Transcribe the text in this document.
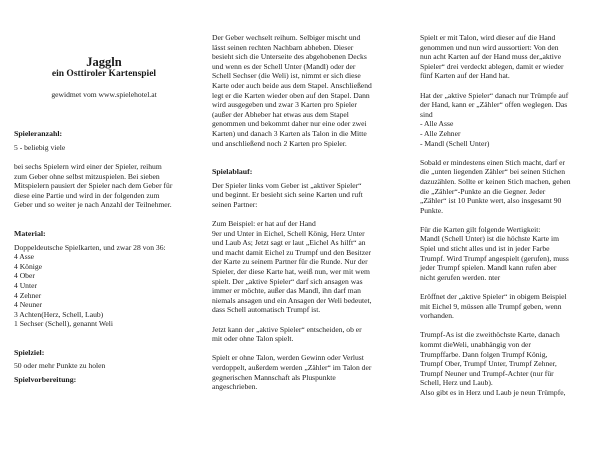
Jaggln

ein Osttiroler Kartenspiel

gewidmet vom www.spielehotel.at

Spieleranzahl:

5 - beliebig viele

bei sechs Spielern wird einer der Spieler, reihum

zum Geber ohne selbst mitzuspielen. Bei sieben

Mitspielern pausiert der Spieler nach dem Geber für

diese eine Partie und wird in der folgenden zum

Geber und so weiter je nach Anzahl der Teilnehmer.

Material:

Doppeldeutsche Spielkarten, und zwar 28 von 36:

4 Asse

4 Könige

4 Ober

4 Unter

4 Zehner

4 Neuner

3 Achten(Herz, Schell, Laub)

1 Sechser (Schell), genannt Weli

Spielziel:

50 oder mehr Punkte zu holen

Spielvorbereitung:

Der Geber wechselt reihum. Selbiger mischt und

lässt seinen rechten Nachbarn abheben. Dieser

besieht sich die Unterseite des abgehobenen Decks

und wenn es der Schell Unter (Mandl) oder der

Schell Sechser (die Weli) ist, nimmt er sich diese

Karte oder auch beide aus dem Stapel. Anschließend

legt er die Karten wieder oben auf den Stapel. Dann

wird ausgegeben und zwar 3 Karten pro Spieler

(außer der Abheber hat etwas aus dem Stapel

genommen und bekommt daher nur eine oder zwei

Karten) und danach 3 Karten als Talon in die Mitte

und anschließend noch 2 Karten pro Spieler.

Spielablauf:

Der Spieler links vom Geber ist „aktiver Spieler“

und beginnt. Er besieht sich seine Karten und ruft

seinen Partner:

Zum Beispiel: er hat auf der Hand

9er und Unter in Eichel, Schell König, Herz Unter

und Laub As; Jetzt sagt er laut „Eichel As hilft“ an

und macht damit Eichel zu Trumpf und den Besitzer

der Karte zu seinem Partner für die Runde. Nur der

Spieler, der diese Karte hat, weiß nun, wer mit wem

spielt. Der „aktive Spieler“ darf sich ansagen was

immer er möchte, außer das Mandl, ihn darf man

niemals ansagen und ein Ansagen der Weli bedeutet,

dass Schell automatisch Trumpf ist.

Jetzt kann der „aktive Spieler“ entscheiden, ob er

mit oder ohne Talon spielt.

Spielt er ohne Talon, werden Gewinn oder Verlust

verdoppelt, außerdem werden „Zähler“ im Talon der

gegnerischen Mannschaft als Pluspunkte

angeschrieben.

Spielt er mit Talon, wird dieser auf die Hand

genommen und nun wird aussortiert: Von den

nun acht Karten auf der Hand muss der„aktive

Spieler“ drei verdeckt ablegen, damit er wieder

fünf Karten auf der Hand hat.

Hat der „aktive Spieler“ danach nur Trümpfe auf

der Hand, kann er „Zähler“ offen weglegen. Das

sind

- Alle Asse

- Alle Zehner

- Mandl (Schell Unter)

Sobald er mindestens einen Stich macht, darf er

die „unten liegenden Zähler“ bei seinen Stichen

dazuzählen. Sollte er keinen Stich machen, gehen

die „Zähler“-Punkte an die Gegner. Jeder

„Zähler“ ist 10 Punkte wert, also insgesamt 90

Punkte.

Für die Karten gilt folgende Wertigkeit:

Mandl (Schell Unter) ist die höchste Karte im

Spiel und sticht alles und ist in jeder Farbe

Trumpf. Wird Trumpf angespielt (gerufen), muss

jeder Trumpf spielen. Mandl kann rufen aber

nicht gerufen werden. nter

Eröffnet der „aktive Spieler“ in obigem Beispiel

mit Eichel 9, müssen alle Trumpf geben, wenn

vorhanden.

Trumpf-As ist die zweithöchste Karte, danach

kommt dieWeli, unabhängig von der

Trumpffarbe. Dann folgen Trumpf König,

Trumpf Ober, Trumpf Unter, Trumpf Zehner,

Trumpf Neuner und Trumpf-Achter (nur für

Schell, Herz und Laub).

Also gibt es in Herz und Laub je neun Trümpfe,
